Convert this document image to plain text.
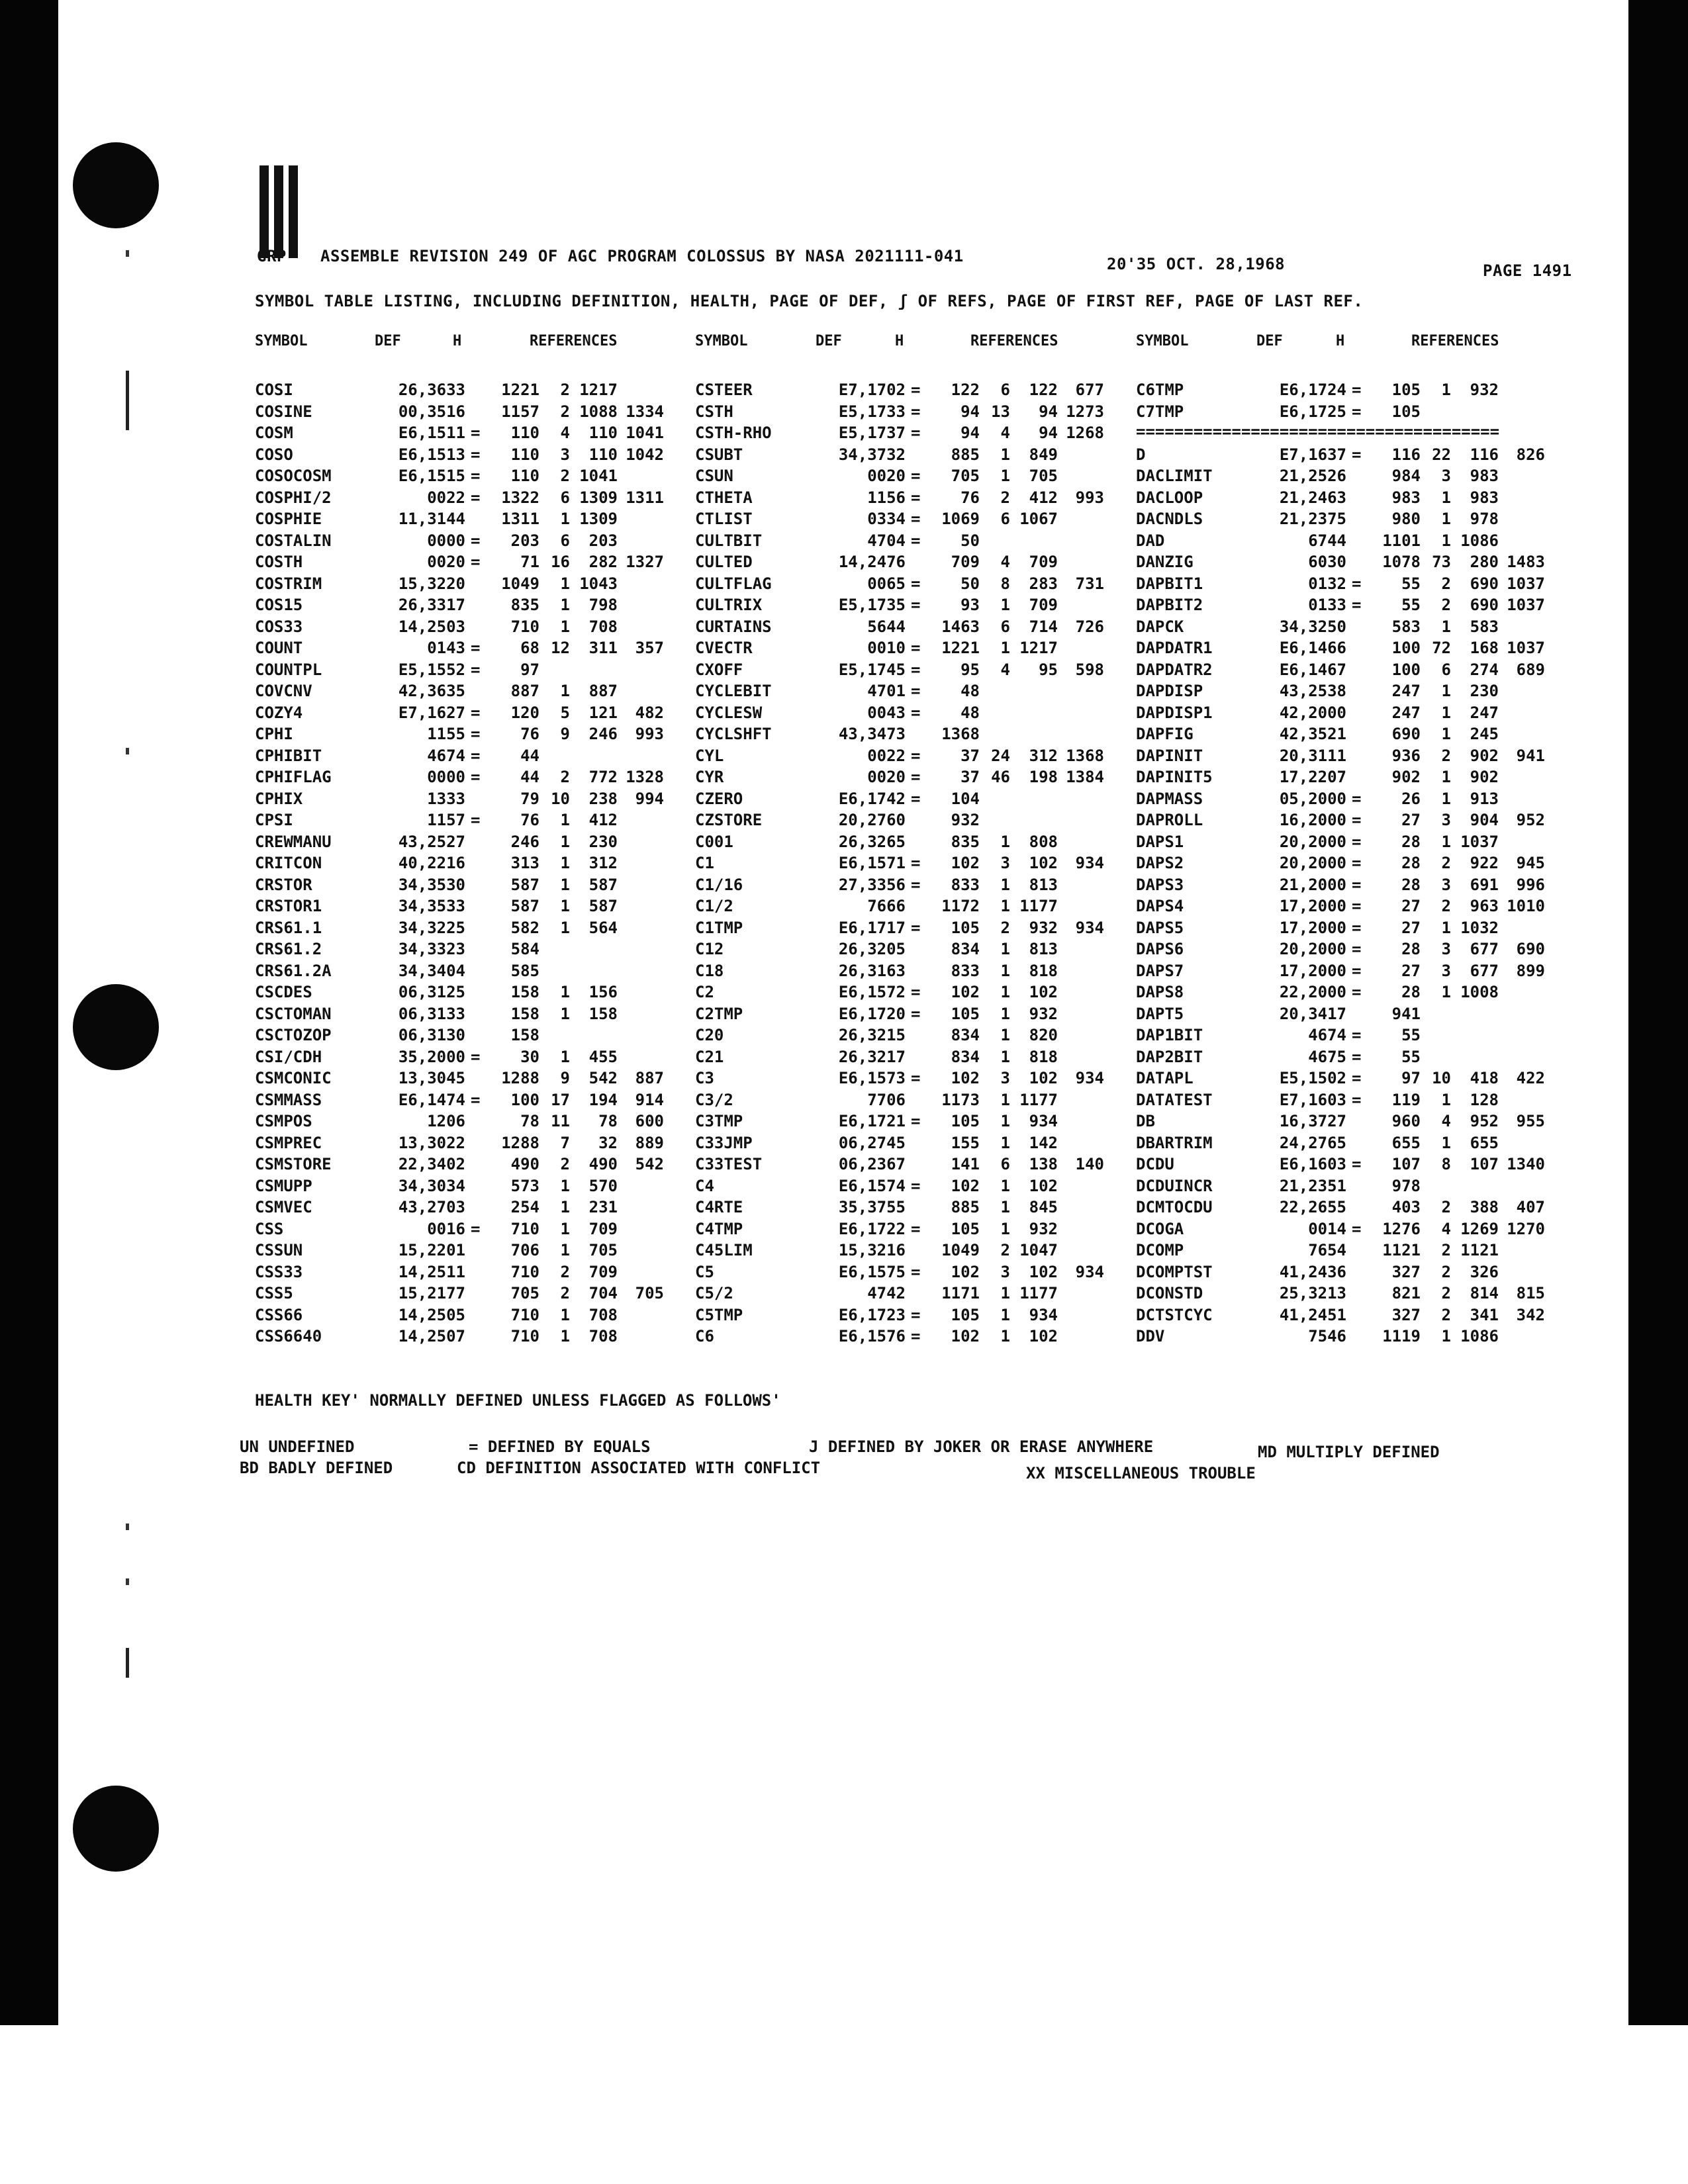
GRP ASSEMBLE REVISION 249 OF AGC PROGRAM COLOSSUS BY NASA 2021111-041	20'35 OCT. 28,1968	PAGE 1491
SYMBOL TABLE LISTING, INCLUDING DEFINITION, HEALTH, PAGE OF DEF, ʃ OF REFS, PAGE OF FIRST REF, PAGE OF LAST REF.
SYMBOL	DEF	H	REFERENCES	SYMBOL	DEF	H	REFERENCES	SYMBOL	DEF	H	REFERENCES
COSI	26,3633	1221	2 1217
COSINE	00,3516	1157	2 1088 1334
COSM	E6,1511 =	110	4	110 1041
COSO	E6,1513 =	110	3	110 1042
COSOCOSM	E6,1515 =	110	2 1041
COSPHI/2	0022 =	1322	6 1309 1311
COSPHIE	11,3144	1311	1 1309
COSTALIN	0000 =	203	6	203
COSTH	0020 =	71 16	282 1327
COSTRIM	15,3220	1049	1 1043
COS15	26,3317	835	1	798
COS33	14,2503	710	1	708
COUNT	0143 =	68 12	311	357
COUNTPL	E5,1552 =	97
COVCNV	42,3635	887	1	887
COZY4	E7,1627 =	120	5	121	482
CPHI	1155 =	76	9	246	993
CPHIBIT	4674 =	44
CPHIFLAG	0000 =	44	2	772 1328
CPHIX	1333	79 10	238	994
CPSI	1157 =	76	1	412
CREWMANU	43,2527	246	1	230
CRITCON	40,2216	313	1	312
CRSTOR	34,3530	587	1	587
CRSTOR1	34,3533	587	1	587
CRS61.1	34,3225	582	1	564
CRS61.2	34,3323	584
CRS61.2A	34,3404	585
CSCDES	06,3125	158	1	156
CSCTOMAN	06,3133	158	1	158
CSCTOZOP	06,3130	158
CSI/CDH	35,2000 =	30	1	455
CSMCONIC	13,3045	1288	9	542	887
CSMMASS	E6,1474 =	100 17	194	914
CSMPOS	1206	78 11	78	600
CSMPREC	13,3022	1288	7	32	889
CSMSTORE	22,3402	490	2	490	542
CSMUPP	34,3034	573	1	570
CSMVEC	43,2703	254	1	231
CSS	0016 =	710	1	709
CSSUN	15,2201	706	1	705
CSS33	14,2511	710	2	709
CSS5	15,2177	705	2	704	705
CSS66	14,2505	710	1	708
CSS6640	14,2507	710	1	708
CSTEER	E7,1702 =	122	6	122	677
CSTH	E5,1733 =	94 13	94 1273
CSTH-RHO	E5,1737 =	94	4	94 1268
CSUBT	34,3732	885	1	849
CSUN	0020 =	705	1	705
CTHETA	1156 =	76	2	412	993
CTLIST	0334 =	1069	6 1067
CULTBIT	4704 =	50
CULTED	14,2476	709	4	709
CULTFLAG	0065 =	50	8	283	731
CULTRIX	E5,1735 =	93	1	709
CURTAINS	5644	1463	6	714	726
CVECTR	0010 =	1221	1 1217
CXOFF	E5,1745 =	95	4	95	598
CYCLEBIT	4701 =	48
CYCLESW	0043 =	48
CYCLSHFT	43,3473	1368
CYL	0022 =	37 24	312 1368
CYR	0020 =	37 46	198 1384
CZERO	E6,1742 =	104
CZSTORE	20,2760	932
C001	26,3265	835	1	808
C1	E6,1571 =	102	3	102	934
C1/16	27,3356 =	833	1	813
C1/2	7666	1172	1 1177
C1TMP	E6,1717 =	105	2	932	934
C12	26,3205	834	1	813
C18	26,3163	833	1	818
C2	E6,1572 =	102	1	102
C2TMP	E6,1720 =	105	1	932
C20	26,3215	834	1	820
C21	26,3217	834	1	818
C3	E6,1573 =	102	3	102	934
C3/2	7706	1173	1 1177
C3TMP	E6,1721 =	105	1	934
C33JMP	06,2745	155	1	142
C33TEST	06,2367	141	6	138	140
C4	E6,1574 =	102	1	102
C4RTE	35,3755	885	1	845
C4TMP	E6,1722 =	105	1	932
C45LIM	15,3216	1049	2 1047
C5	E6,1575 =	102	3	102	934
C5/2	4742	1171	1 1177
C5TMP	E6,1723 =	105	1	934
C6	E6,1576 =	102	1	102
C6TMP	E6,1724 =	105	1	932
C7TMP	E6,1725 =	105
======================================
D	E7,1637 =	116 22	116	826
DACLIMIT	21,2526	984	3	983
DACLOOP	21,2463	983	1	983
DACNDLS	21,2375	980	1	978
DAD	6744	1101	1 1086
DANZIG	6030	1078 73	280 1483
DAPBIT1	0132 =	55	2	690 1037
DAPBIT2	0133 =	55	2	690 1037
DAPCK	34,3250	583	1	583
DAPDATR1	E6,1466	100 72	168 1037
DAPDATR2	E6,1467	100	6	274	689
DAPDISP	43,2538	247	1	230
DAPDISP1	42,2000	247	1	247
DAPFIG	42,3521	690	1	245
DAPINIT	20,3111	936	2	902	941
DAPINIT5	17,2207	902	1	902
DAPMASS	05,2000 =	26	1	913
DAPROLL	16,2000 =	27	3	904	952
DAPS1	20,2000 =	28	1 1037
DAPS2	20,2000 =	28	2	922	945
DAPS3	21,2000 =	28	3	691	996
DAPS4	17,2000 =	27	2	963 1010
DAPS5	17,2000 =	27	1 1032
DAPS6	20,2000 =	28	3	677	690
DAPS7	17,2000 =	27	3	677	899
DAPS8	22,2000 =	28	1 1008
DAPT5	20,3417	941
DAP1BIT	4674 =	55
DAP2BIT	4675 =	55
DATAPL	E5,1502 =	97 10	418	422
DATATEST	E7,1603 =	119	1	128
DB	16,3727	960	4	952	955
DBARTRIM	24,2765	655	1	655
DCDU	E6,1603 =	107	8	107 1340
DCDUINCR	21,2351	978
DCMTOCDU	22,2655	403	2	388	407
DCOGA	0014 =	1276	4 1269 1270
DCOMP	7654	1121	2 1121
DCOMPTST	41,2436	327	2	326
DCONSTD	25,3213	821	2	814	815
DCTSTCYC	41,2451	327	2	341	342
DDV	7546	1119	1 1086
HEALTH KEY' NORMALLY DEFINED UNLESS FLAGGED AS FOLLOWS'
UN UNDEFINED	= DEFINED BY EQUALS	J DEFINED BY JOKER OR ERASE ANYWHERE	MD MULTIPLY DEFINED
BD BADLY DEFINED	CD DEFINITION ASSOCIATED WITH CONFLICT	XX MISCELLANEOUS TROUBLE
